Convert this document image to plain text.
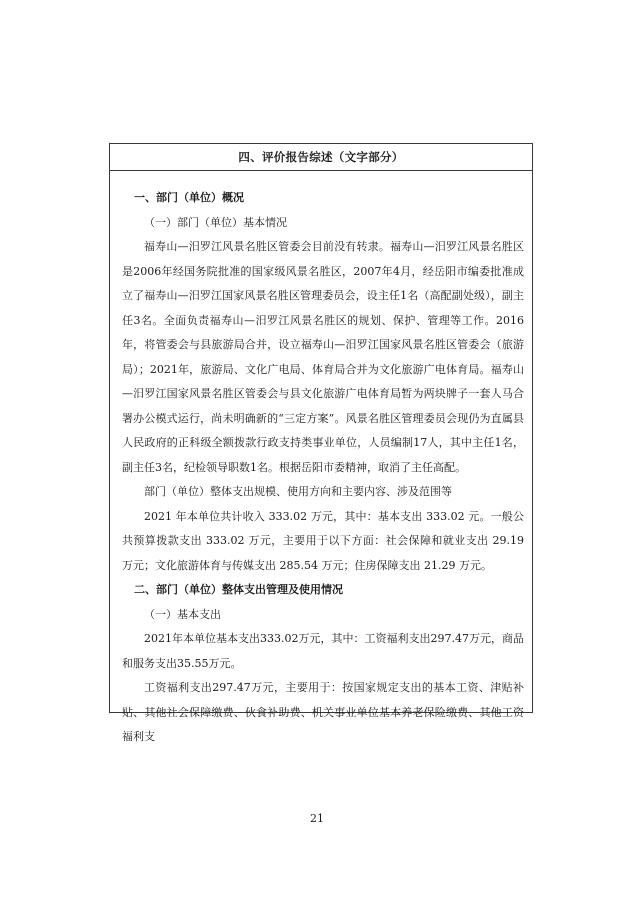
四、评价报告综述（文字部分）
一、部门（单位）概况
（一）部门（单位）基本情况
福寿山—汨罗江风景名胜区管委会目前没有转隶。福寿山—汨罗江风景名胜区是2006年经国务院批准的国家级风景名胜区，2007年4月，经岳阳市编委批准成立了福寿山—汨罗江国家风景名胜区管理委员会，设主任1名（高配副处级），副主任3名。全面负责福寿山—汨罗江风景名胜区的规划、保护、管理等工作。2016年，将管委会与县旅游局合并，设立福寿山—汨罗江国家风景名胜区管委会（旅游局）；2021年，旅游局、文化广电局、体育局合并为文化旅游广电体育局。福寿山—汨罗江国家风景名胜区管委会与县文化旅游广电体育局暂为两块牌子一套人马合署办公模式运行，尚未明确新的“三定方案”。风景名胜区管理委员会现仍为直属县人民政府的正科级全额拨款行政支持类事业单位，人员编制17人，其中主任1名，副主任3名，纪检领导职数1名。根据岳阳市委精神，取消了主任高配。
部门（单位）整体支出规模、使用方向和主要内容、涉及范围等
2021 年本单位共计收入 333.02 万元，其中：基本支出 333.02 元。一般公共预算拨款支出 333.02 万元，主要用于以下方面：社会保障和就业支出 29.19 万元；文化旅游体育与传媒支出 285.54 万元；住房保障支出 21.29 万元。
二、部门（单位）整体支出管理及使用情况
（一）基本支出
2021年本单位基本支出333.02万元，其中：工资福利支出297.47万元，商品和服务支出35.55万元。
工资福利支出297.47万元，主要用于：按国家规定支出的基本工资、津贴补贴、其他社会保障缴费、伙食补助费、机关事业单位基本养老保险缴费、其他工资福利支
21
